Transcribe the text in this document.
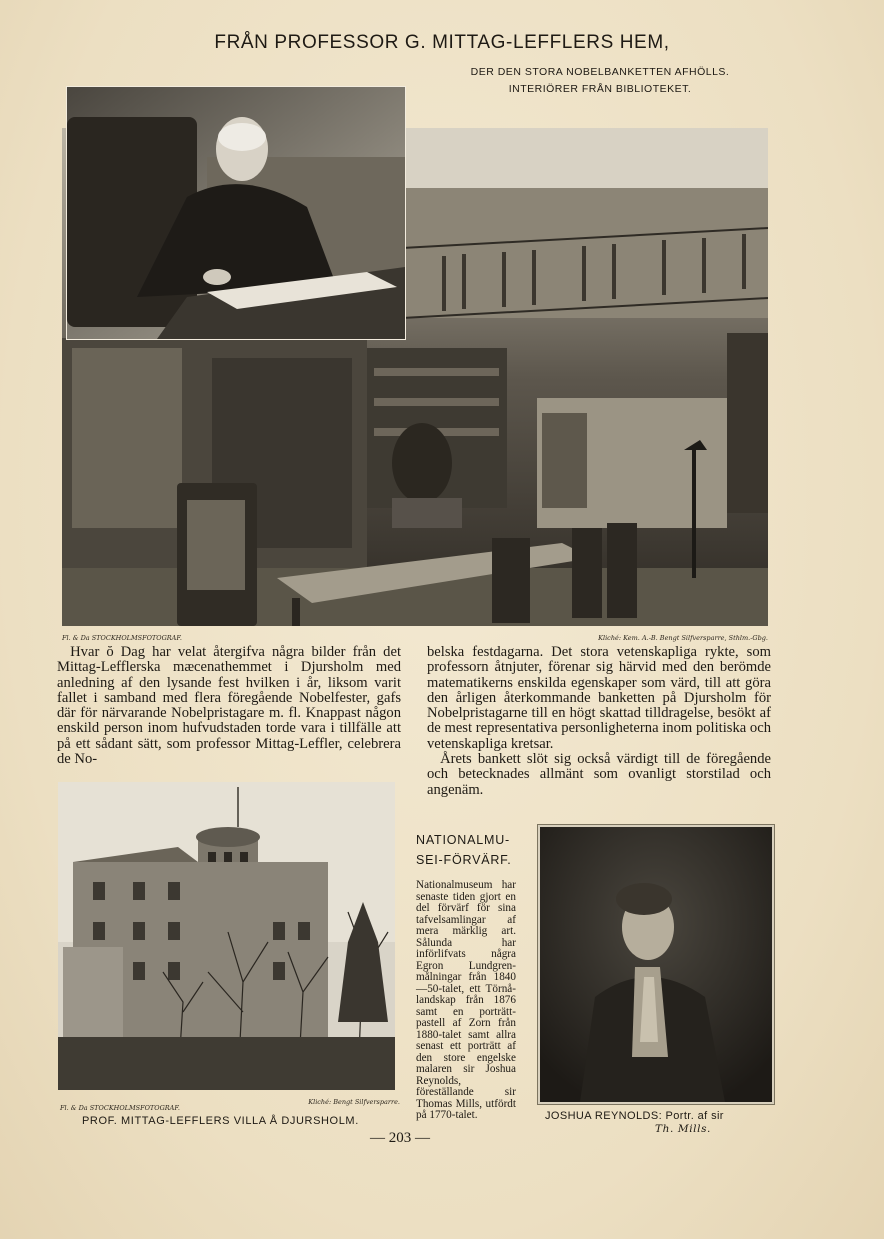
FRÅN PROFESSOR G. MITTAG-LEFFLERS HEM,
DER DEN STORA NOBELBANKETTEN AFHÖLLS.
INTERIÖRER FRÅN BIBLIOTEKET.
Fl. & Da STOCKHOLMSFOTOGRAF.	Kliché: Kem. A.-B. Bengt Silfversparre, Sthlm.-Gbg.

Hvar ŏ Dag har velat återgifva några bilder från det Mittag-Lefflerska mæcenathemmet i Djursholm med anledning af den lysande fest hvilken i år, liksom varit fallet i samband med flera föregående Nobelfester, gafs där för närvarande Nobelpristagare m. fl. Knappast någon enskild person inom hufvudstaden torde vara i tillfälle att på ett sådant sätt, som professor Mittag-Leffler, celebrera de No-

belska festdagarna. Det stora vetenskapliga rykte, som professorn åtnjuter, förenar sig härvid med den berömde matematikerns enskilda egenskaper som värd, till att göra den årligen återkommande banketten på Djursholm för Nobelpristagarne till en högt skattad tilldragelse, besökt af de mest representativa personligheterna inom politiska och vetenskapliga kretsar.

Årets bankett slöt sig också värdigt till de föregående och betecknades allmänt som ovanligt storstilad och angenäm.

Fl. & Da STOCKHOLMSFOTOGRAF.
Kliché: Bengt Silfversparre.
PROF. MITTAG-LEFFLERS VILLA Å DJURSHOLM.
NATIONALMU-
SEI-FÖRVÄRF.
Nationalmuseum har senaste tiden gjort en del förvärf för sina tafvelsamlingar af mera märklig art. Sålunda har införlifvats några Egron Lundgren-målningar från 1840—50-talet, ett Törnå-landskap från 1876 samt en porträtt-pastell af Zorn från 1880-talet samt allra senast ett porträtt af den store engelske malaren sir Joshua Reynolds, föreställande sir Thomas Mills, utfördt på 1770-talet.	JOSHUA REYNOLDS: Portr. af sir
Th. Mills.
— 203 —
